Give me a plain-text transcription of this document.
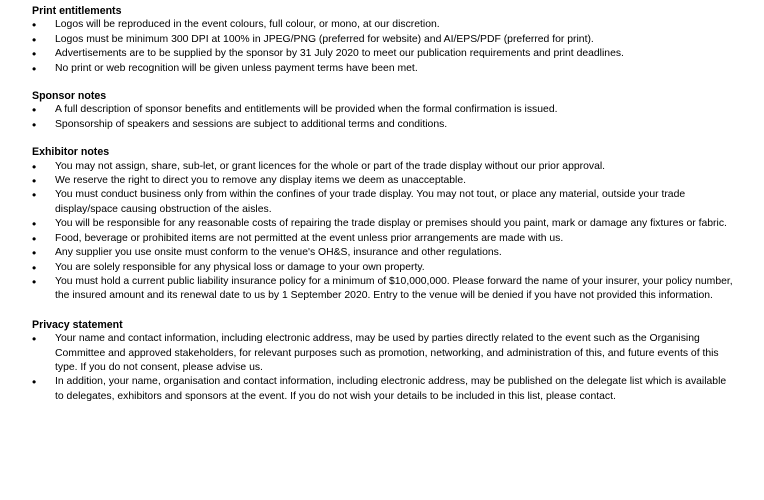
Print entitlements

• Logos will be reproduced in the event colours, full colour, or mono, at our discretion.
• Logos must be minimum 300 DPI at 100% in JPEG/PNG (preferred for website) and AI/EPS/PDF (preferred for print).
• Advertisements are to be supplied by the sponsor by 31 July 2020 to meet our publication requirements and print deadlines.
• No print or web recognition will be given unless payment terms have been met.

Sponsor notes

• A full description of sponsor benefits and entitlements will be provided when the formal confirmation is issued.
• Sponsorship of speakers and sessions are subject to additional terms and conditions.

Exhibitor notes

• You may not assign, share, sub-let, or grant licences for the whole or part of the trade display without our prior approval.
• We reserve the right to direct you to remove any display items we deem as unacceptable.
• You must conduct business only from within the confines of your trade display. You may not tout, or place any material, outside your trade display/space causing obstruction of the aisles.
• You will be responsible for any reasonable costs of repairing the trade display or premises should you paint, mark or damage any fixtures or fabric.
• Food, beverage or prohibited items are not permitted at the event unless prior arrangements are made with us.
• Any supplier you use onsite must conform to the venue's OH&S, insurance and other regulations.
• You are solely responsible for any physical loss or damage to your own property.
• You must hold a current public liability insurance policy for a minimum of $10,000,000. Please forward the name of your insurer, your policy number, the insured amount and its renewal date to us by 1 September 2020. Entry to the venue will be denied if you have not provided this information.

Privacy statement

• Your name and contact information, including electronic address, may be used by parties directly related to the event such as the Organising Committee and approved stakeholders, for relevant purposes such as promotion, networking, and administration of this, and future events of this type. If you do not consent, please advise us.
• In addition, your name, organisation and contact information, including electronic address, may be published on the delegate list which is available to delegates, exhibitors and sponsors at the event. If you do not wish your details to be included in this list, please contact.
